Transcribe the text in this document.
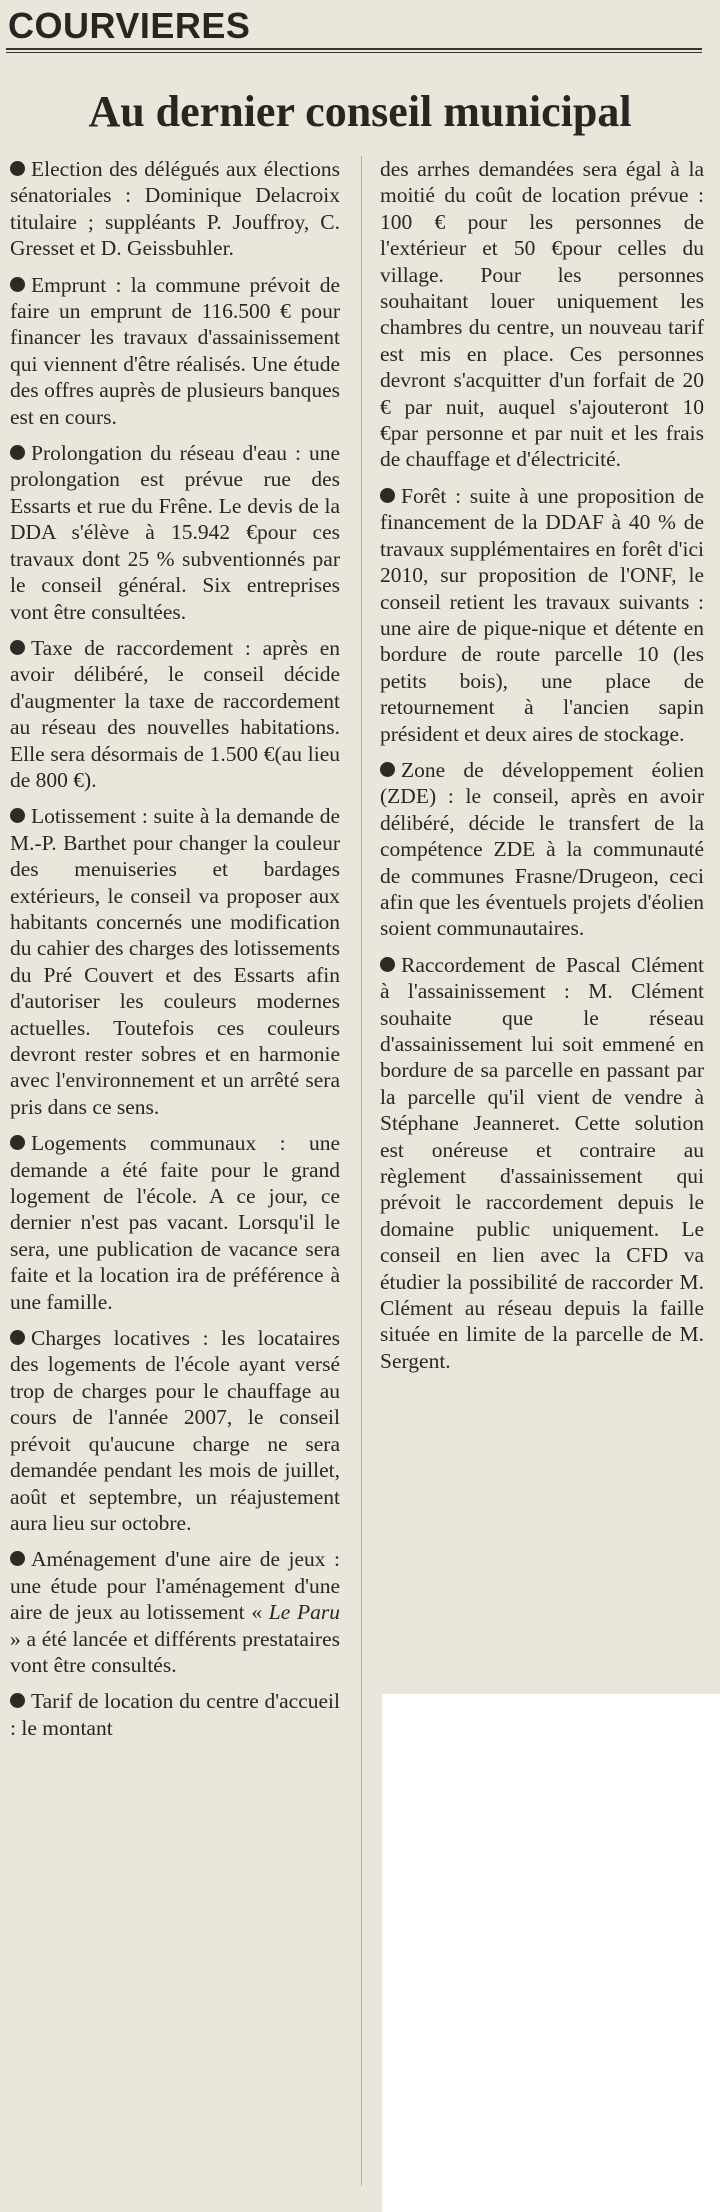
COURVIERES
Au dernier conseil municipal

Election des délégués aux élections sénatoriales : Dominique Delacroix titulaire ; suppléants P. Jouffroy, C. Gresset et D. Geissbuhler.

Emprunt : la commune prévoit de faire un emprunt de 116.500 € pour financer les travaux d'assainissement qui viennent d'être réalisés. Une étude des offres auprès de plusieurs banques est en cours.

Prolongation du réseau d'eau : une prolongation est prévue rue des Essarts et rue du Frêne. Le devis de la DDA s'élève à 15.942 €pour ces travaux dont 25 % subventionnés par le conseil général. Six entreprises vont être consultées.

Taxe de raccordement : après en avoir délibéré, le conseil décide d'augmenter la taxe de raccordement au réseau des nouvelles habitations. Elle sera désormais de 1.500 €(au lieu de 800 €).

Lotissement : suite à la demande de M.-P. Barthet pour changer la couleur des menuiseries et bardages extérieurs, le conseil va proposer aux habitants concernés une modification du cahier des charges des lotissements du Pré Couvert et des Essarts afin d'autoriser les couleurs modernes actuelles. Toutefois ces couleurs devront rester sobres et en harmonie avec l'environnement et un arrêté sera pris dans ce sens.

Logements communaux : une demande a été faite pour le grand logement de l'école. A ce jour, ce dernier n'est pas vacant. Lorsqu'il le sera, une publication de vacance sera faite et la location ira de préférence à une famille.

Charges locatives : les locataires des logements de l'école ayant versé trop de charges pour le chauffage au cours de l'année 2007, le conseil prévoit qu'aucune charge ne sera demandée pendant les mois de juillet, août et septembre, un réajustement aura lieu sur octobre.

Aménagement d'une aire de jeux : une étude pour l'aménagement d'une aire de jeux au lotissement « Le Paru » a été lancée et différents prestataires vont être consultés.

Tarif de location du centre d'accueil : le montant

des arrhes demandées sera égal à la moitié du coût de location prévue : 100 € pour les personnes de l'extérieur et 50 €pour celles du village. Pour les personnes souhaitant louer uniquement les chambres du centre, un nouveau tarif est mis en place. Ces personnes devront s'acquitter d'un forfait de 20 € par nuit, auquel s'ajouteront 10 €par personne et par nuit et les frais de chauffage et d'électricité.

Forêt : suite à une proposition de financement de la DDAF à 40 % de travaux supplémentaires en forêt d'ici 2010, sur proposition de l'ONF, le conseil retient les travaux suivants : une aire de pique-nique et détente en bordure de route parcelle 10 (les petits bois), une place de retournement à l'ancien sapin président et deux aires de stockage.

Zone de développement éolien (ZDE) : le conseil, après en avoir délibéré, décide le transfert de la compétence ZDE à la communauté de communes Frasne/Drugeon, ceci afin que les éventuels projets d'éolien soient communautaires.

Raccordement de Pascal Clément à l'assainissement : M. Clément souhaite que le réseau d'assainissement lui soit emmené en bordure de sa parcelle en passant par la parcelle qu'il vient de vendre à Stéphane Jeanneret. Cette solution est onéreuse et contraire au règlement d'assainissement qui prévoit le raccordement depuis le domaine public uniquement. Le conseil en lien avec la CFD va étudier la possibilité de raccorder M. Clément au réseau depuis la faille située en limite de la parcelle de M. Sergent.
